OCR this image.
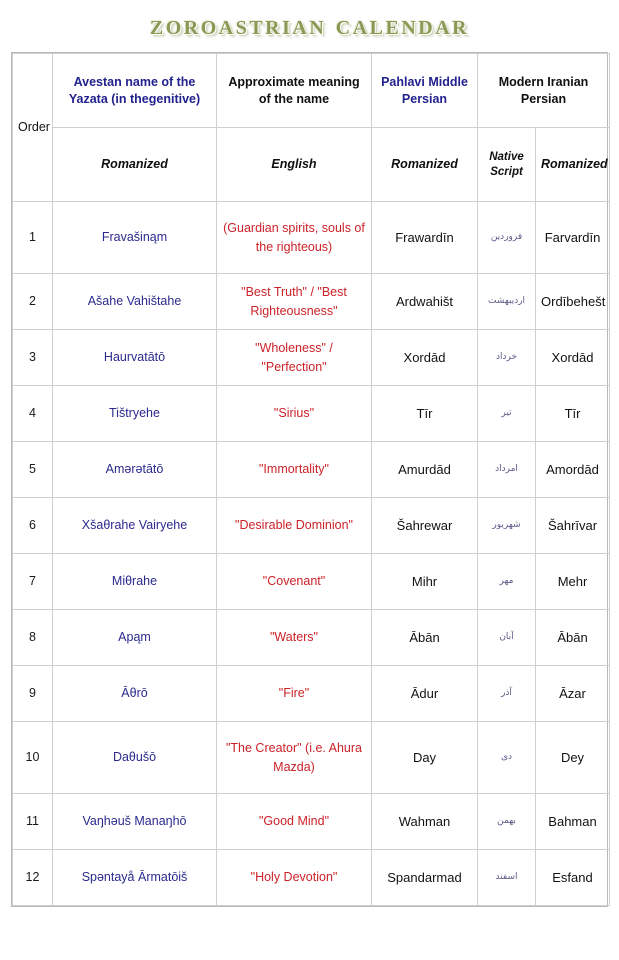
zoroastrian calendar
Order	Avestan name of the Yazata (in thegenitive)	Approximate meaning of the name	Pahlavi Middle Persian	Modern Iranian Persian	
	Romanized	English	Romanized	Native Script	Romanized
1	Fravašinąm	(Guardian spirits, souls of the righteous)	Frawardīn	فروردین	Farvardīn
2	Ašahe Vahištahe	"Best Truth" / "Best Righteousness"	Ardwahišt	اردیبهشت	Ordībehešt
3	Haurvatātō	"Wholeness" / "Perfection"	Xordād	خرداد	Xordād
4	Tištryehe	"Sirius"	Tīr	تیر	Tīr
5	Amərətātō	"Immortality"	Amurdād	امرداد	Amordād
6	Xšaθrahe Vairyehe	"Desirable Dominion"	Šahrewar	شهریور	Šahrīvar
7	Miθrahe	"Covenant"	Mihr	مهر	Mehr
8	Apąm	"Waters"	Ābān	آبان	Ābān
9	Āθrō	"Fire"	Ādur	آذر	Āzar
10	Daθušō	"The Creator" (i.e. Ahura Mazda)	Day	دی	Dey
11	Vaŋhəuš Manaŋhō	"Good Mind"	Wahman	بهمن	Bahman
12	Spəntayå Ārmatōiš	"Holy Devotion"	Spandarmad	اسفند	Esfand
